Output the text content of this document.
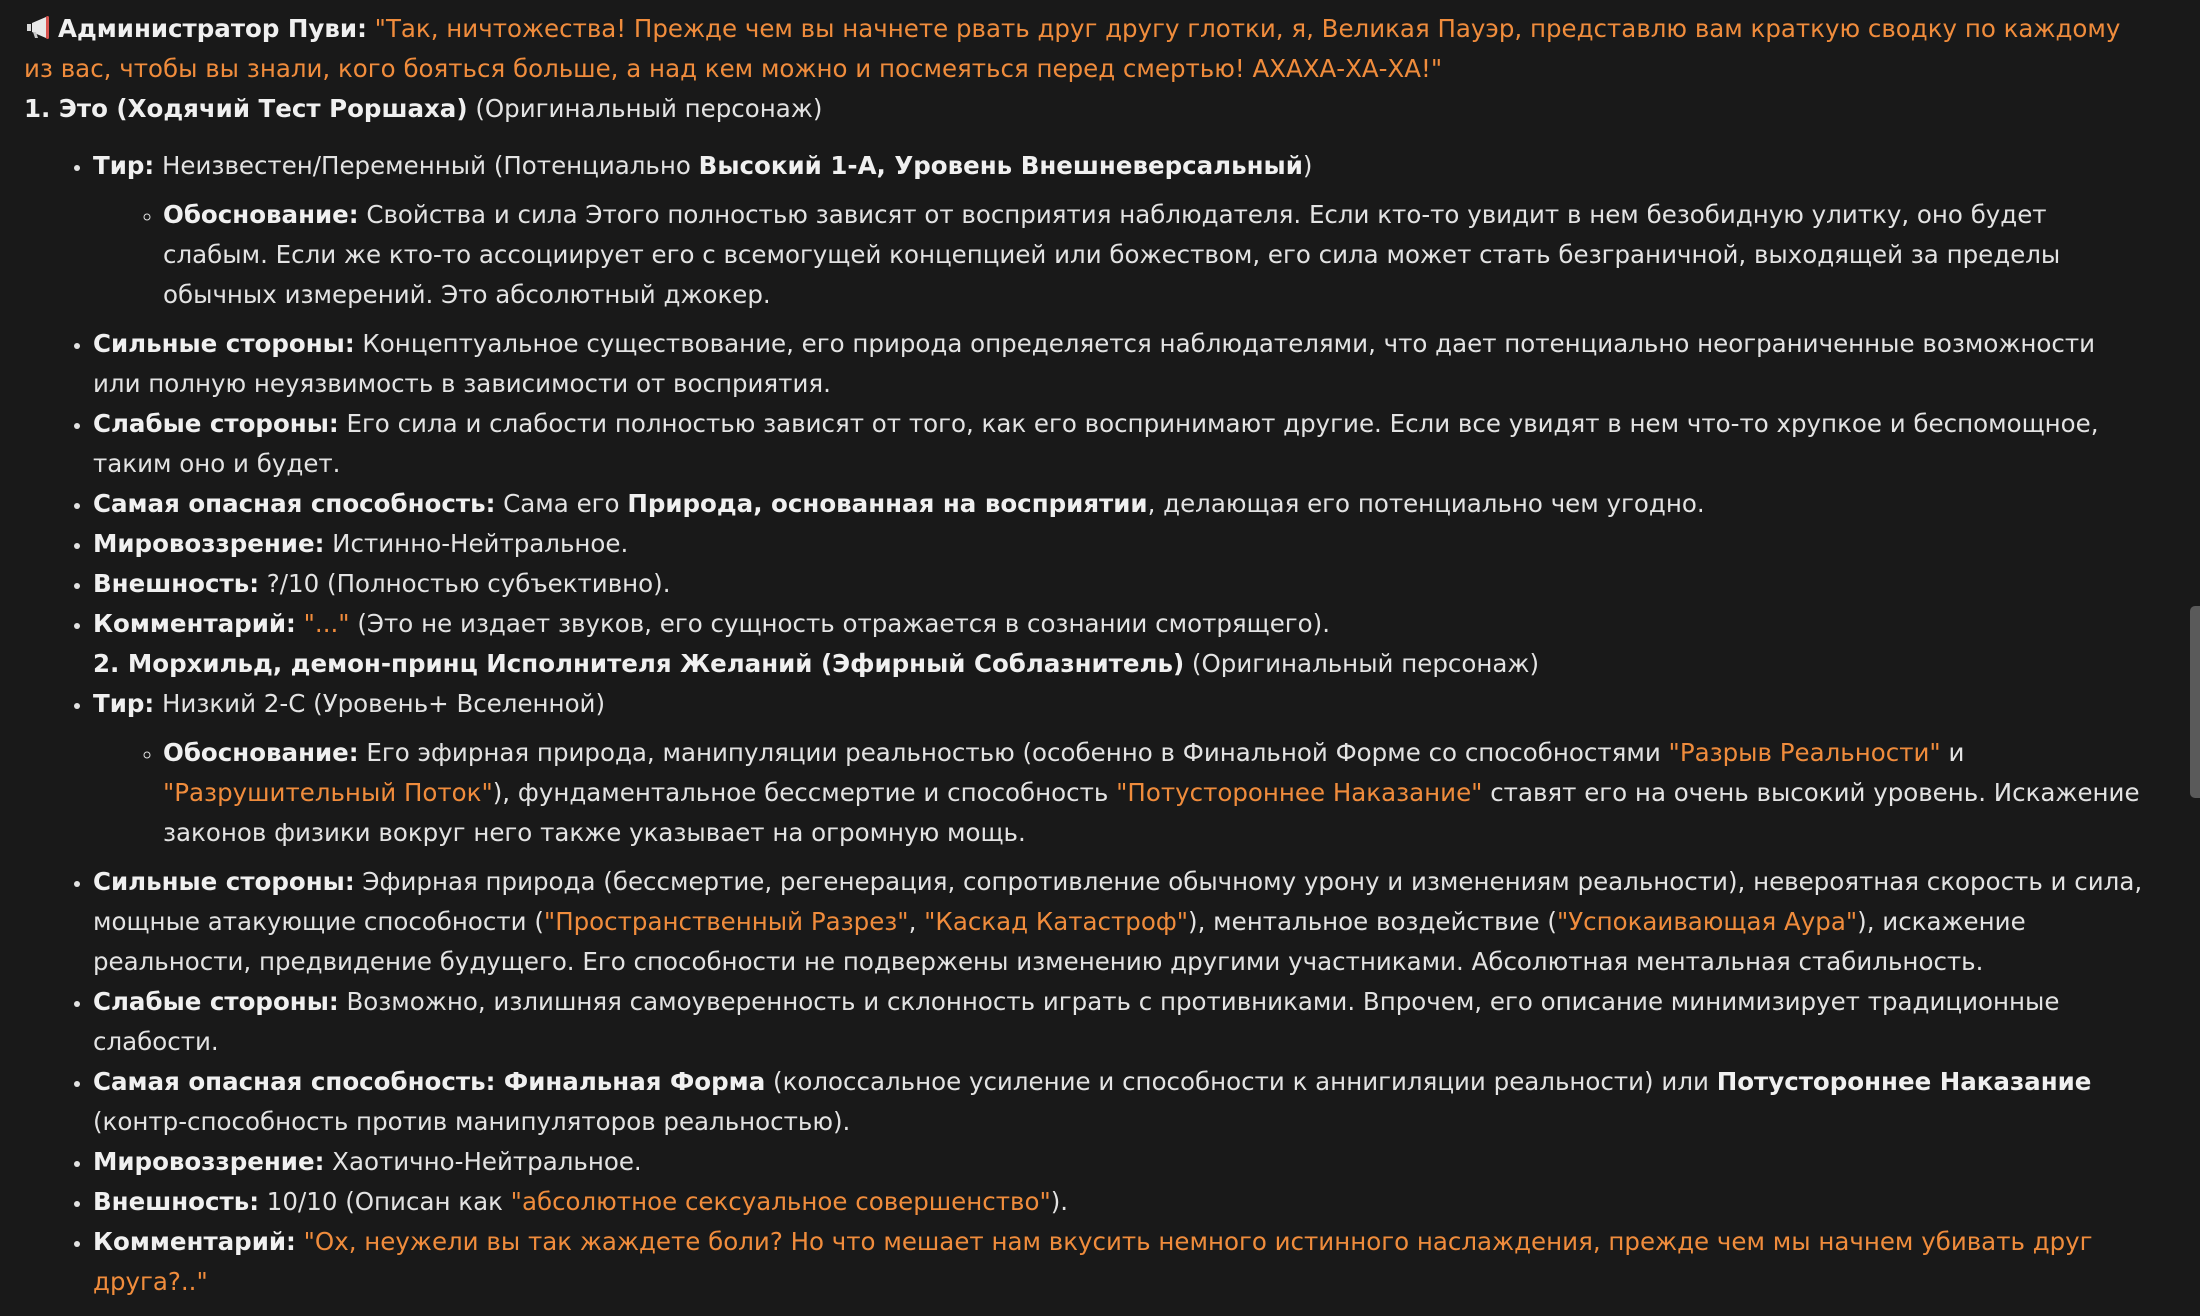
Администратор Пуви: "Так, ничтожества! Прежде чем вы начнете рвать друг другу глотки, я, Великая Пауэр, представлю вам краткую сводку по каждому из вас, чтобы вы знали, кого бояться больше, а над кем можно и посмеяться перед смертью! АХАХА-ХА-ХА!"

1. Это (Ходячий Тест Роршаха) (Оригинальный персонаж)

• Тир: Неизвестен/Переменный (Потенциально Высокий 1-А, Уровень Внешневерсальный)
◦ Обоснование: Свойства и сила Этого полностью зависят от восприятия наблюдателя. Если кто-то увидит в нем безобидную улитку, оно будет слабым. Если же кто-то ассоциирует его с всемогущей концепцией или божеством, его сила может стать безграничной, выходящей за пределы обычных измерений. Это абсолютный джокер.
• Сильные стороны: Концептуальное существование, его природа определяется наблюдателями, что дает потенциально неограниченные возможности или полную неуязвимость в зависимости от восприятия.
• Слабые стороны: Его сила и слабости полностью зависят от того, как его воспринимают другие. Если все увидят в нем что-то хрупкое и беспомощное, таким оно и будет.
• Самая опасная способность: Сама его Природа, основанная на восприятии, делающая его потенциально чем угодно.
• Мировоззрение: Истинно-Нейтральное.
• Внешность: ?/10 (Полностью субъективно).
• Комментарий: "..." (Это не издает звуков, его сущность отражается в сознании смотрящего).
2. Морхильд, демон-принц Исполнителя Желаний (Эфирный Соблазнитель) (Оригинальный персонаж)
• Тир: Низкий 2-С (Уровень+ Вселенной)
◦ Обоснование: Его эфирная природа, манипуляции реальностью (особенно в Финальной Форме со способностями "Разрыв Реальности" и "Разрушительный Поток"), фундаментальное бессмертие и способность "Потустороннее Наказание" ставят его на очень высокий уровень. Искажение законов физики вокруг него также указывает на огромную мощь.
• Сильные стороны: Эфирная природа (бессмертие, регенерация, сопротивление обычному урону и изменениям реальности), невероятная скорость и сила, мощные атакующие способности ("Пространственный Разрез", "Каскад Катастроф"), ментальное воздействие ("Успокаивающая Аура"), искажение реальности, предвидение будущего. Его способности не подвержены изменению другими участниками. Абсолютная ментальная стабильность.
• Слабые стороны: Возможно, излишняя самоуверенность и склонность играть с противниками. Впрочем, его описание минимизирует традиционные слабости.
• Самая опасная способность: Финальная Форма (колоссальное усиление и способности к аннигиляции реальности) или Потустороннее Наказание (контр-способность против манипуляторов реальностью).
• Мировоззрение: Хаотично-Нейтральное.
• Внешность: 10/10 (Описан как "абсолютное сексуальное совершенство").
• Комментарий: "Ох, неужели вы так жаждете боли? Но что мешает нам вкусить немного истинного наслаждения, прежде чем мы начнем убивать друг друга?.."
